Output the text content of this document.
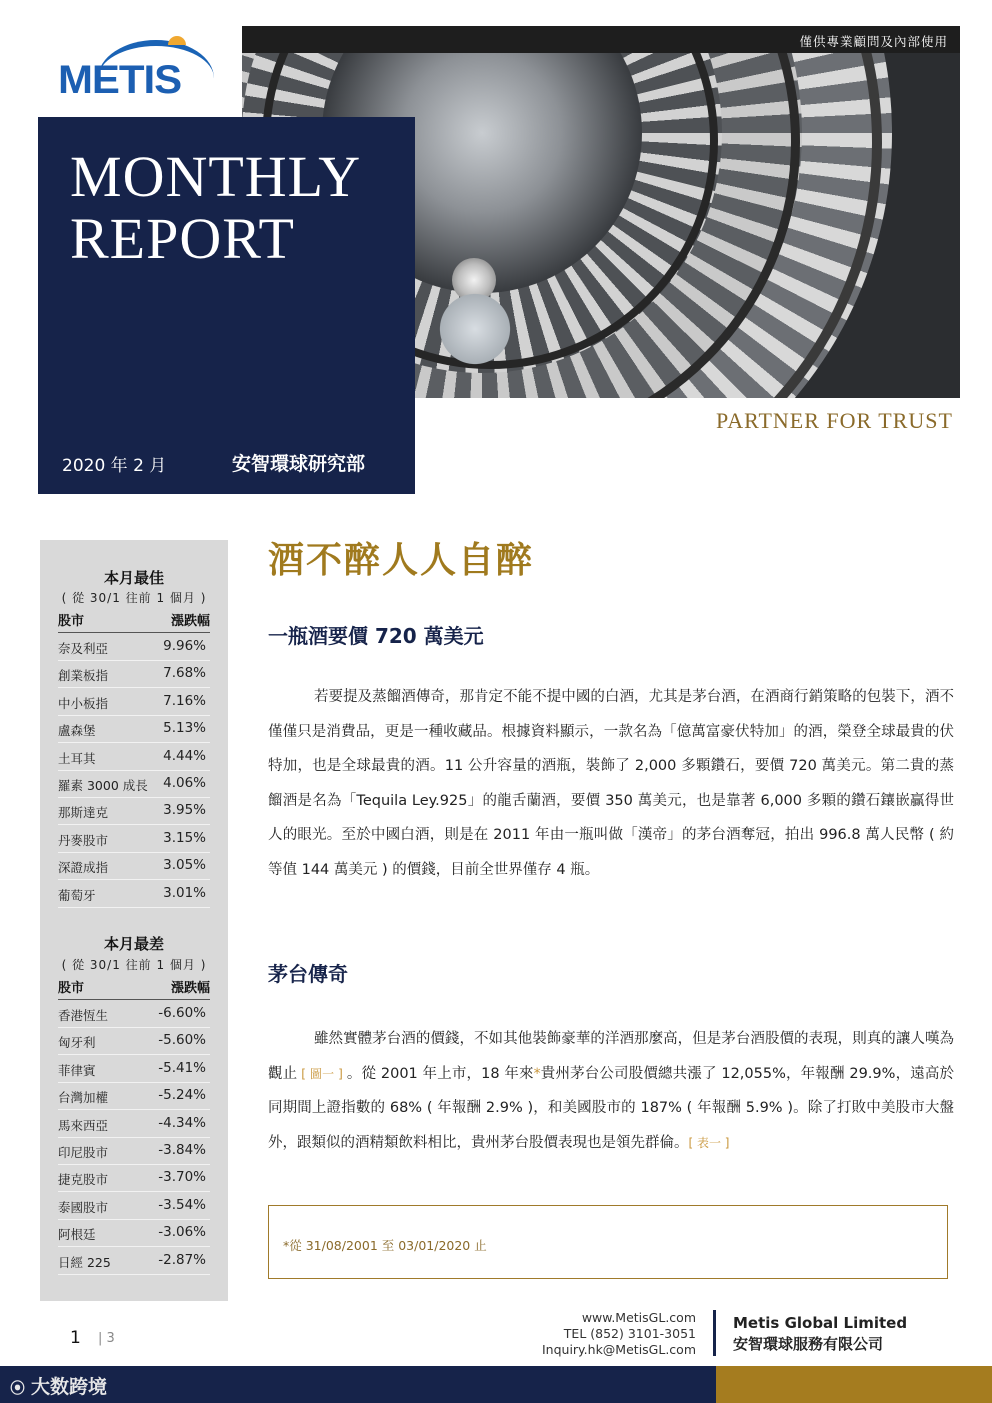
僅供專業顧問及內部使用
METIS
MONTHLY
REPORT
2020 年 2 月	安智環球研究部
PARTNER FOR TRUST
本月最佳
( 從 30/1 往前 1 個月 )
股市	漲跌幅
奈及利亞	9.96%
創業板指	7.68%
中小板指	7.16%
盧森堡	5.13%
土耳其	4.44%
羅素 3000 成長 4.06%
那斯達克	3.95%
丹麥股市	3.15%
深證成指	3.05%
葡萄牙	3.01%
本月最差
( 從 30/1 往前 1 個月 )
股市	漲跌幅
香港恆生	-6.60%
匈牙利	-5.60%
菲律賓	-5.41%
台灣加權	-5.24%
馬來西亞	-4.34%
印尼股市	-3.84%
捷克股市	-3.70%
泰國股市	-3.54%
阿根廷	-3.06%
日經 225	-2.87%
酒不醉人人自醉
一瓶酒要價 720 萬美元
若要提及蒸餾酒傳奇，那肯定不能不提中國的白酒，尤其是茅台酒，在酒商行銷策略的包裝下，酒不僅僅只是消費品，更是一種收藏品。根據資料顯示，一款名為「億萬富豪伏特加」的酒，榮登全球最貴的伏特加，也是全球最貴的酒。11 公升容量的酒瓶，裝飾了 2,000 多顆鑽石，要價 720 萬美元。第二貴的蒸餾酒是名為「Tequila Ley.925」的龍舌蘭酒，要價 350 萬美元，也是靠著 6,000 多顆的鑽石鑲嵌贏得世人的眼光。至於中國白酒，則是在 2011 年由一瓶叫做「漢帝」的茅台酒奪冠，拍出 996.8 萬人民幣 ( 約等值 144 萬美元 ) 的價錢，目前全世界僅存 4 瓶。
茅台傳奇
雖然實體茅台酒的價錢，不如其他裝飾豪華的洋酒那麼高，但是茅台酒股價的表現，則真的讓人嘆為觀止 [ 圖一 ] 。從 2001 年上市，18 年來*貴州茅台公司股價總共漲了 12,055%，年報酬 29.9%，遠高於同期間上證指數的 68% ( 年報酬 2.9% )，和美國股市的 187% ( 年報酬 5.9% )。除了打敗中美股市大盤外，跟類似的酒精類飲料相比，貴州茅台股價表現也是領先群倫。[ 表一 ]
*從 31/08/2001 至 03/01/2020 止
1 | 3
www.MetisGL.com
TEL (852) 3101-3051
Inquiry.hk@MetisGL.com
Metis Global Limited
安智環球服務有限公司
⦿ 大数跨境
